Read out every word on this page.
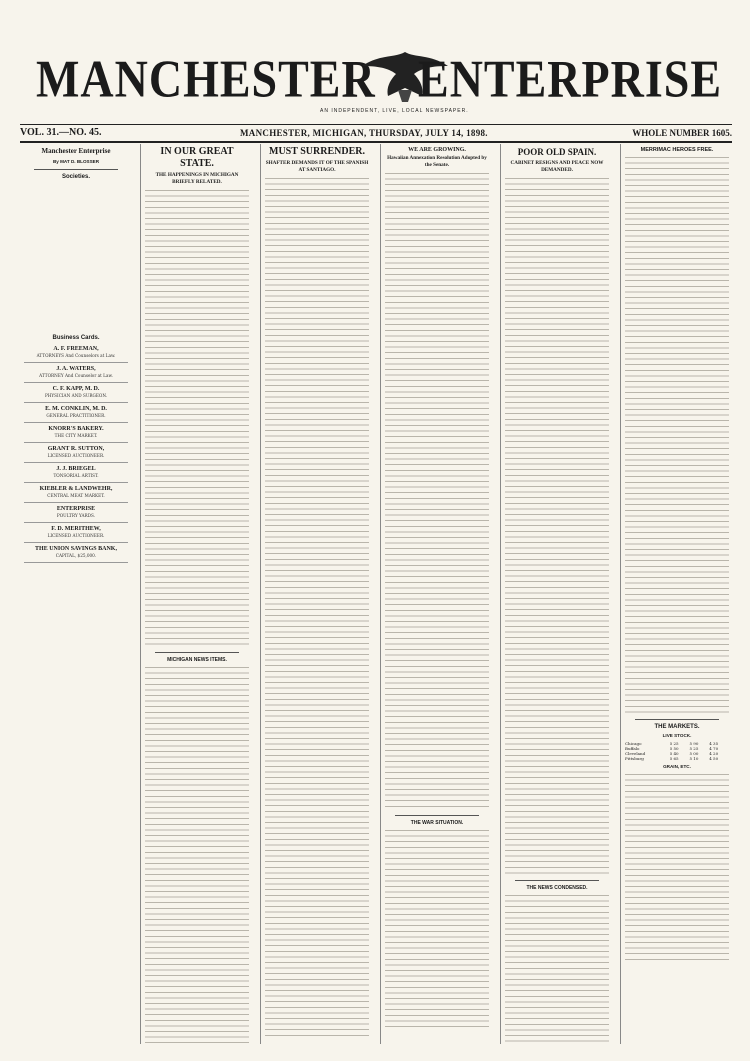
MANCHESTER
AN INDEPENDENT, LIVE, LOCAL NEWSPAPER.
ENTERPRISE
VOL. 31.—NO. 45.	MANCHESTER, MICHIGAN, THURSDAY, JULY 14, 1898.	WHOLE NUMBER 1605.
Manchester Enterprise
By MAT D. BLOSSER
Societies.
Business Cards.
A. F. FREEMAN,
ATTORNEYS And Counselors at Law.
J. A. WATERS,
ATTORNEY And Counselor at Law.
C. F. KAPP, M. D.
PHYSICIAN AND SURGEON.
E. M. CONKLIN, M. D.
GENERAL PRACTITIONER.
KNORR'S BAKERY.
THE CITY MARKET.
GRANT R. SUTTON,
LICENSED AUCTIONEER.
J. J. BRIEGEL
TONSORIAL ARTIST.
KIEBLER & LANDWEHR,
CENTRAL MEAT MARKET.
ENTERPRISE
POULTRY YARDS.
F. D. MERITHEW,
LICENSED AUCTIONEER.
THE UNION SAVINGS BANK,
CAPITAL, $25,000.
IN OUR GREAT STATE.
THE HAPPENINGS IN MICHIGAN BRIEFLY RELATED.
MICHIGAN NEWS ITEMS.
MUST SURRENDER.
SHAFTER DEMANDS IT OF THE SPANISH AT SANTIAGO.
WE ARE GROWING.
Hawaiian Annexation Resolution Adopted by the Senate.
THE WAR SITUATION.
POOR OLD SPAIN.
CABINET RESIGNS AND PEACE NOW DEMANDED.
THE NEWS CONDENSED.
MERRIMAC HEROES FREE.
THE MARKETS.
LIVE STOCK.
Chicago	5 25	5 90	4 35
Buffalo	5 50	5 25	4 70
Cleveland	5 40	5 00	4 20
Pittsburg	5 65	5 10	4 50
GRAIN, ETC.
